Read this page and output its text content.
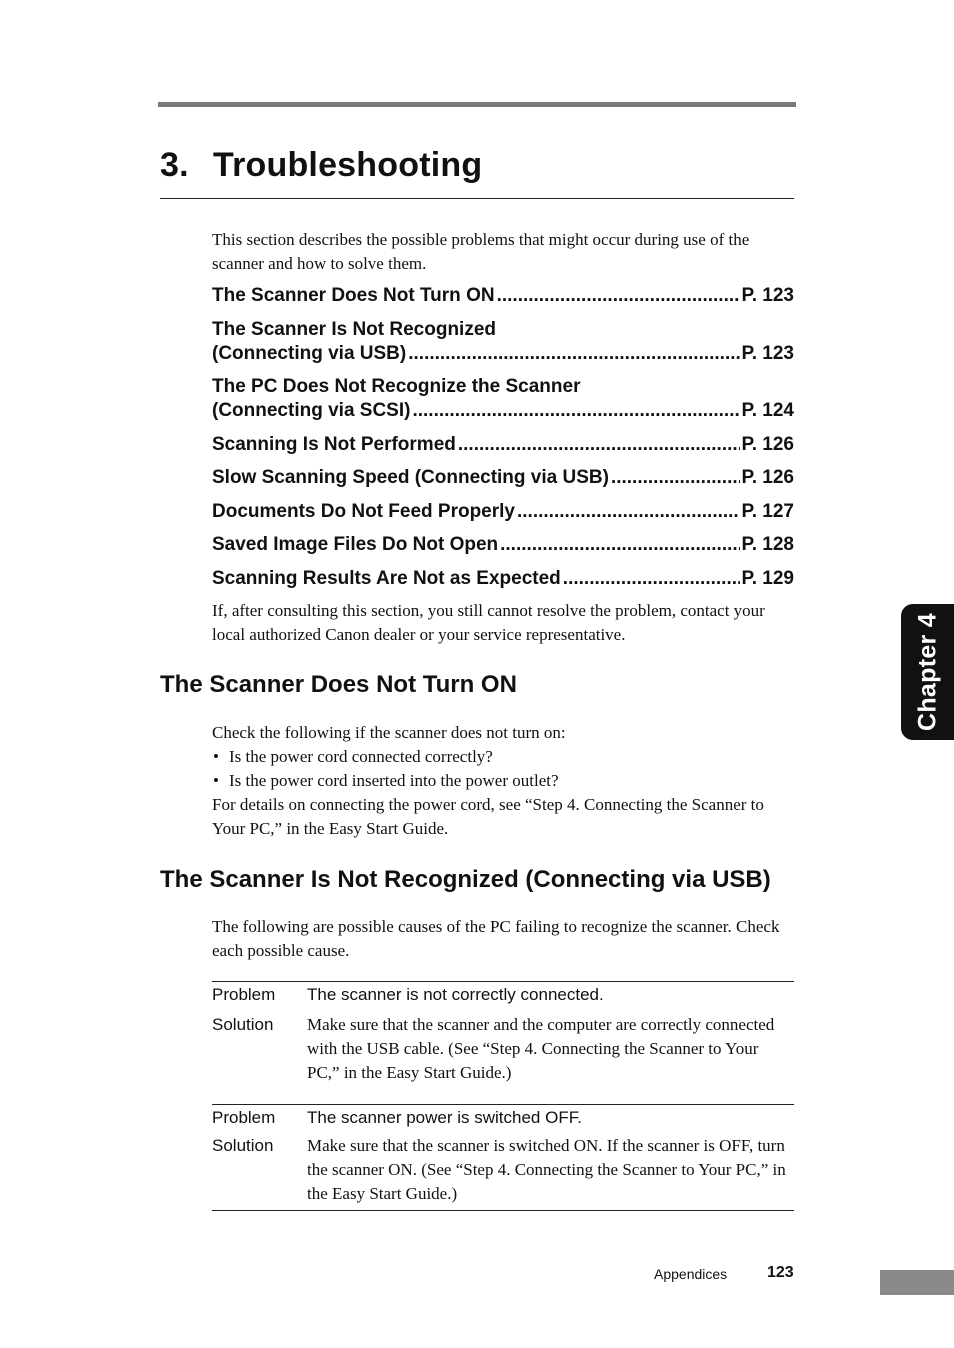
3. Troubleshooting

This section describes the possible problems that might occur during use of the scanner and how to solve them.

The Scanner Does Not Turn ON .....	P. 123
The Scanner Is Not Recognized
(Connecting via USB) .....	P. 123
The PC Does Not Recognize the Scanner
(Connecting via SCSI) .....	P. 124
Scanning Is Not Performed .....	P. 126
Slow Scanning Speed (Connecting via USB) .....	P. 126
Documents Do Not Feed Properly .....	P. 127
Saved Image Files Do Not Open .....	P. 128
Scanning Results Are Not as Expected .....	P. 129

If, after consulting this section, you still cannot resolve the problem, contact your local authorized Canon dealer or your service representative.

The Scanner Does Not Turn ON
Check the following if the scanner does not turn on:
• Is the power cord connected correctly?
• Is the power cord inserted into the power outlet?
For details on connecting the power cord, see “Step 4. Connecting the Scanner to Your PC,” in the Easy Start Guide.
The Scanner Is Not Recognized (Connecting via USB)

The following are possible causes of the PC failing to recognize the scanner. Check each possible cause.

Problem	The scanner is not correctly connected.
Solution	Make sure that the scanner and the computer are correctly connected with the USB cable. (See “Step 4. Connecting the Scanner to Your PC,” in the Easy Start Guide.)
Problem	The scanner power is switched OFF.
Solution	Make sure that the scanner is switched ON. If the scanner is OFF, turn the scanner ON. (See “Step 4. Connecting the Scanner to Your PC,” in the Easy Start Guide.)
Chapter 4
Appendices 123
